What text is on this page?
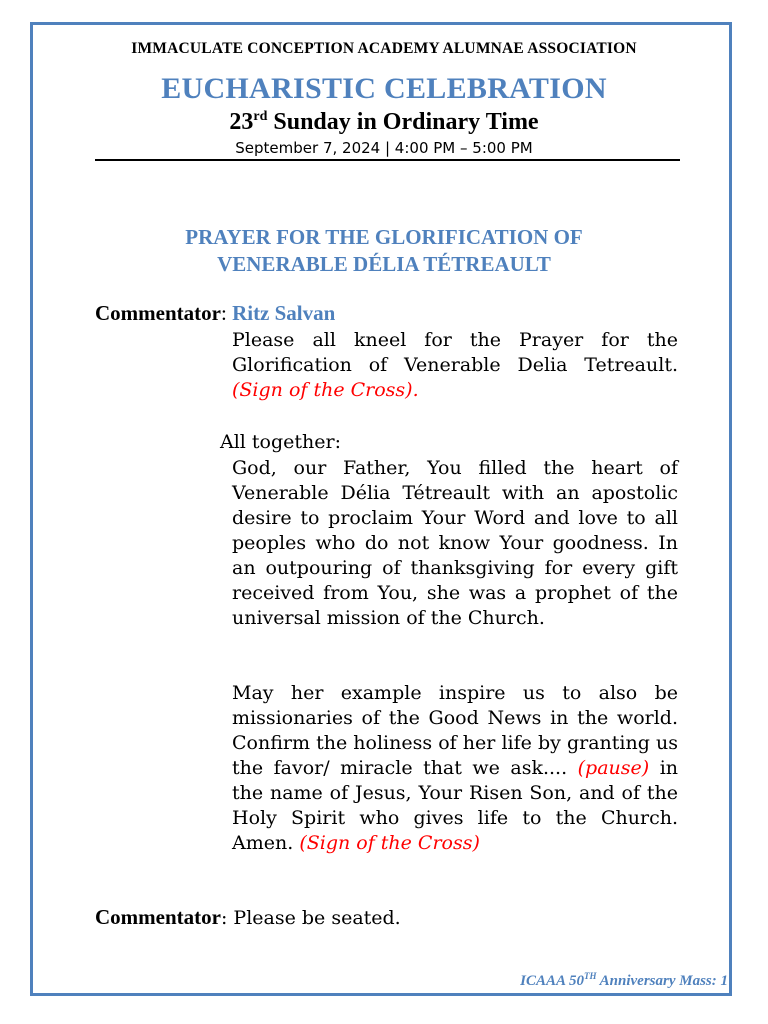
IMMACULATE CONCEPTION ACADEMY ALUMNAE ASSOCIATION
EUCHARISTIC CELEBRATION
23rd Sunday in Ordinary Time
September 7, 2024 | 4:00 PM – 5:00 PM
PRAYER FOR THE GLORIFICATION OF
VENERABLE DÉLIA TÉTREAULT
Commentator: Ritz Salvan
Please all kneel for the Prayer for the Glorification of Venerable Delia Tetreault. (Sign of the Cross).
All together:
God, our Father, You filled the heart of Venerable Délia Tétreault with an apostolic desire to proclaim Your Word and love to all peoples who do not know Your goodness. In an outpouring of thanksgiving for every gift received from You, she was a prophet of the universal mission of the Church.
May her example inspire us to also be missionaries of the Good News in the world. Confirm the holiness of her life by granting us the favor/ miracle that we ask.... (pause) in the name of Jesus, Your Risen Son, and of the Holy Spirit who gives life to the Church. Amen. (Sign of the Cross)
Commentator: Please be seated.
ICAAA 50TH Anniversary Mass: 1
